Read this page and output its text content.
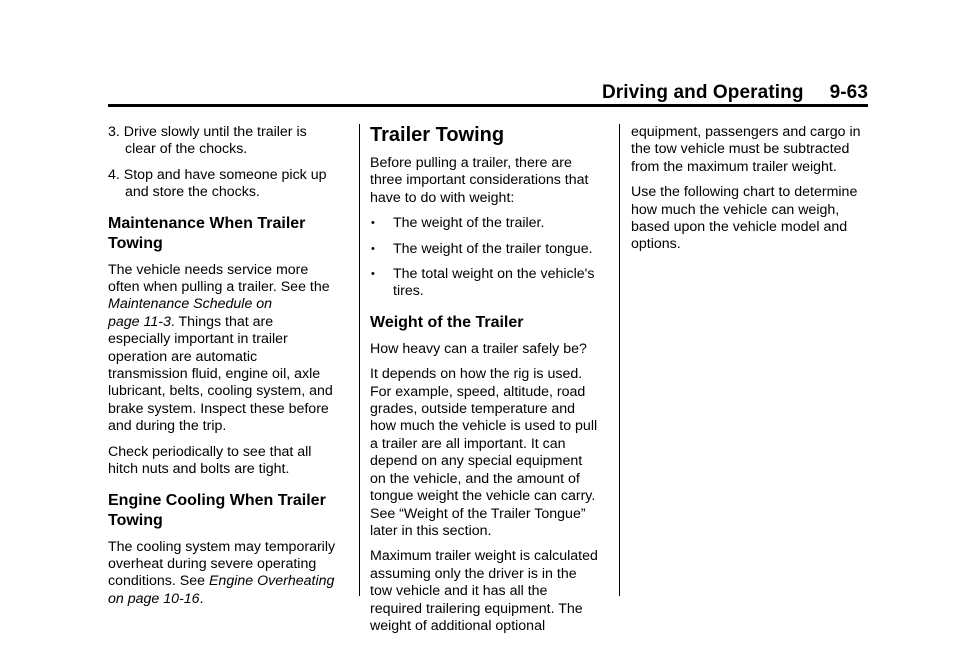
Driving and Operating 9-63
3. Drive slowly until the trailer is
clear of the chocks.
4. Stop and have someone pick up
and store the chocks.
Maintenance When Trailer
Towing

The vehicle needs service more
often when pulling a trailer. See the
Maintenance Schedule on
page 11-3. Things that are
especially important in trailer
operation are automatic
transmission fluid, engine oil, axle
lubricant, belts, cooling system, and
brake system. Inspect these before
and during the trip.

Check periodically to see that all
hitch nuts and bolts are tight.

Engine Cooling When Trailer
Towing

The cooling system may temporarily
overheat during severe operating
conditions. See Engine Overheating
on page 10-16.

Trailer Towing

Before pulling a trailer, there are
three important considerations that
have to do with weight:

• The weight of the trailer.
• The weight of the trailer tongue.
• The total weight on the vehicle's
tires.
Weight of the Trailer

How heavy can a trailer safely be?

It depends on how the rig is used.
For example, speed, altitude, road
grades, outside temperature and
how much the vehicle is used to pull
a trailer are all important. It can
depend on any special equipment
on the vehicle, and the amount of
tongue weight the vehicle can carry.
See “Weight of the Trailer Tongue”
later in this section.

Maximum trailer weight is calculated
assuming only the driver is in the
tow vehicle and it has all the
required trailering equipment. The
weight of additional optional

equipment, passengers and cargo in
the tow vehicle must be subtracted
from the maximum trailer weight.

Use the following chart to determine
how much the vehicle can weigh,
based upon the vehicle model and
options.
